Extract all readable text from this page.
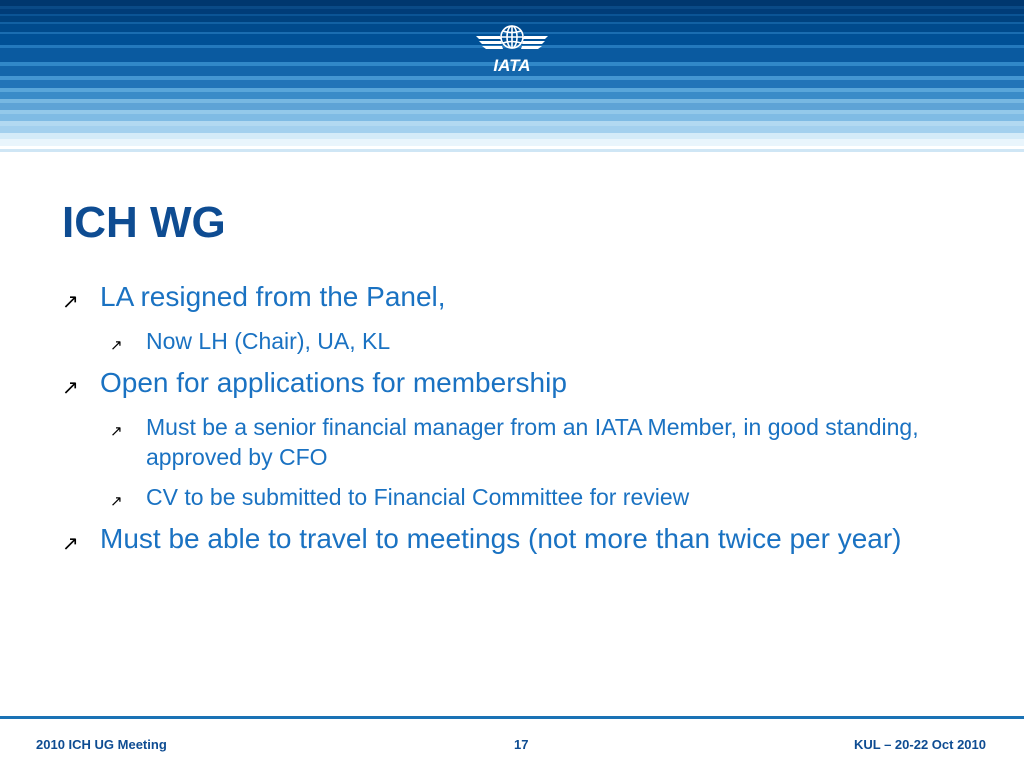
IATA
ICH WG
↗ LA resigned from the Panel,
↗ Now LH (Chair), UA, KL
↗ Open for applications for membership
↗ Must be a senior financial manager from an IATA Member, in good standing, approved by CFO
↗ CV to be submitted to Financial Committee for review
↗ Must be able to travel to meetings (not more than twice per year)
2010 ICH UG Meeting	17	KUL – 20-22 Oct 2010
